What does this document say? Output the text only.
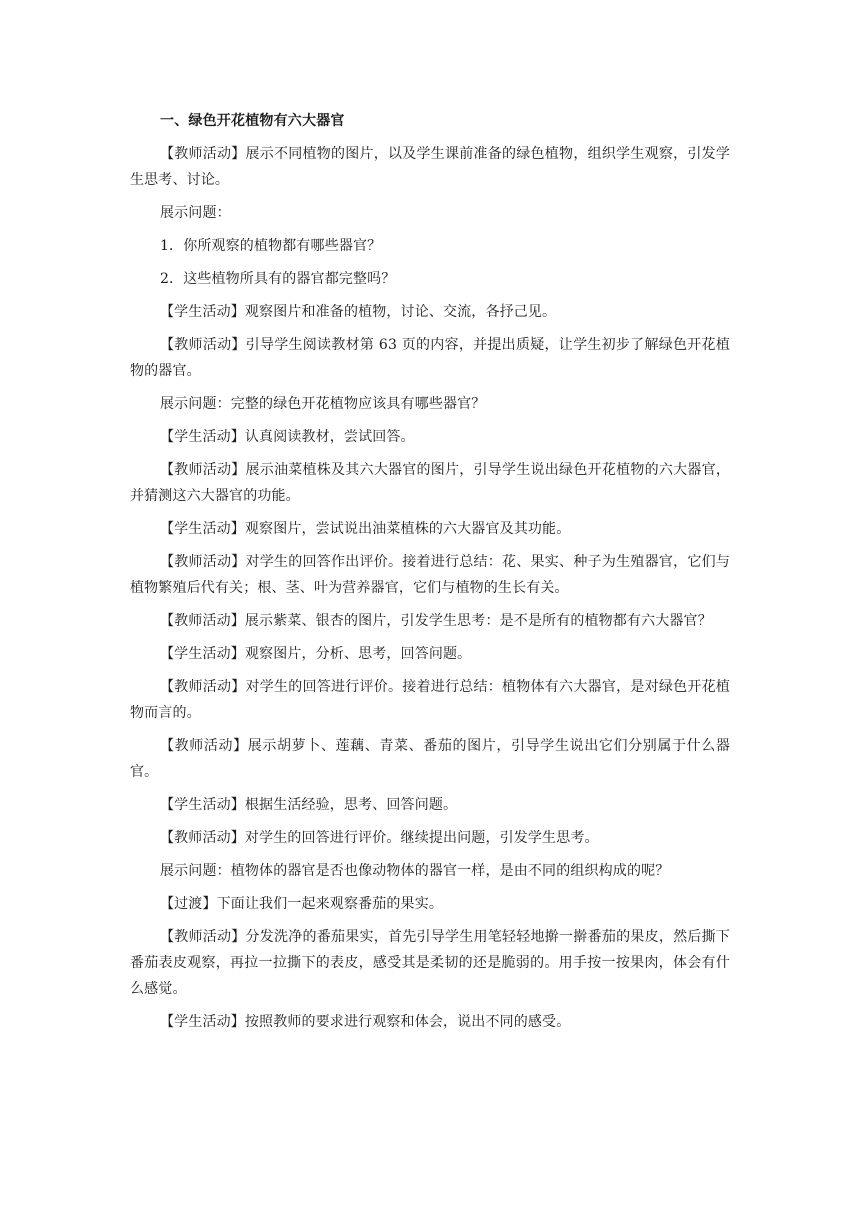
一、绿色开花植物有六大器官

【教师活动】展示不同植物的图片，以及学生课前准备的绿色植物，组织学生观察，引发学生思考、讨论。

展示问题：

1．你所观察的植物都有哪些器官？

2．这些植物所具有的器官都完整吗？

【学生活动】观察图片和准备的植物，讨论、交流，各抒己见。

【教师活动】引导学生阅读教材第 63 页的内容，并提出质疑，让学生初步了解绿色开花植物的器官。

展示问题：完整的绿色开花植物应该具有哪些器官？

【学生活动】认真阅读教材，尝试回答。

【教师活动】展示油菜植株及其六大器官的图片，引导学生说出绿色开花植物的六大器官，并猜测这六大器官的功能。

【学生活动】观察图片，尝试说出油菜植株的六大器官及其功能。

【教师活动】对学生的回答作出评价。接着进行总结：花、果实、种子为生殖器官，它们与植物繁殖后代有关；根、茎、叶为营养器官，它们与植物的生长有关。

【教师活动】展示紫菜、银杏的图片，引发学生思考：是不是所有的植物都有六大器官？

【学生活动】观察图片，分析、思考，回答问题。

【教师活动】对学生的回答进行评价。接着进行总结：植物体有六大器官，是对绿色开花植物而言的。

【教师活动】展示胡萝卜、莲藕、青菜、番茄的图片，引导学生说出它们分别属于什么器官。

【学生活动】根据生活经验，思考、回答问题。

【教师活动】对学生的回答进行评价。继续提出问题，引发学生思考。

展示问题：植物体的器官是否也像动物体的器官一样，是由不同的组织构成的呢？

【过渡】下面让我们一起来观察番茄的果实。

【教师活动】分发洗净的番茄果实，首先引导学生用笔轻轻地擀一擀番茄的果皮，然后撕下番茄表皮观察，再拉一拉撕下的表皮，感受其是柔韧的还是脆弱的。用手按一按果肉，体会有什么感觉。

【学生活动】按照教师的要求进行观察和体会，说出不同的感受。
